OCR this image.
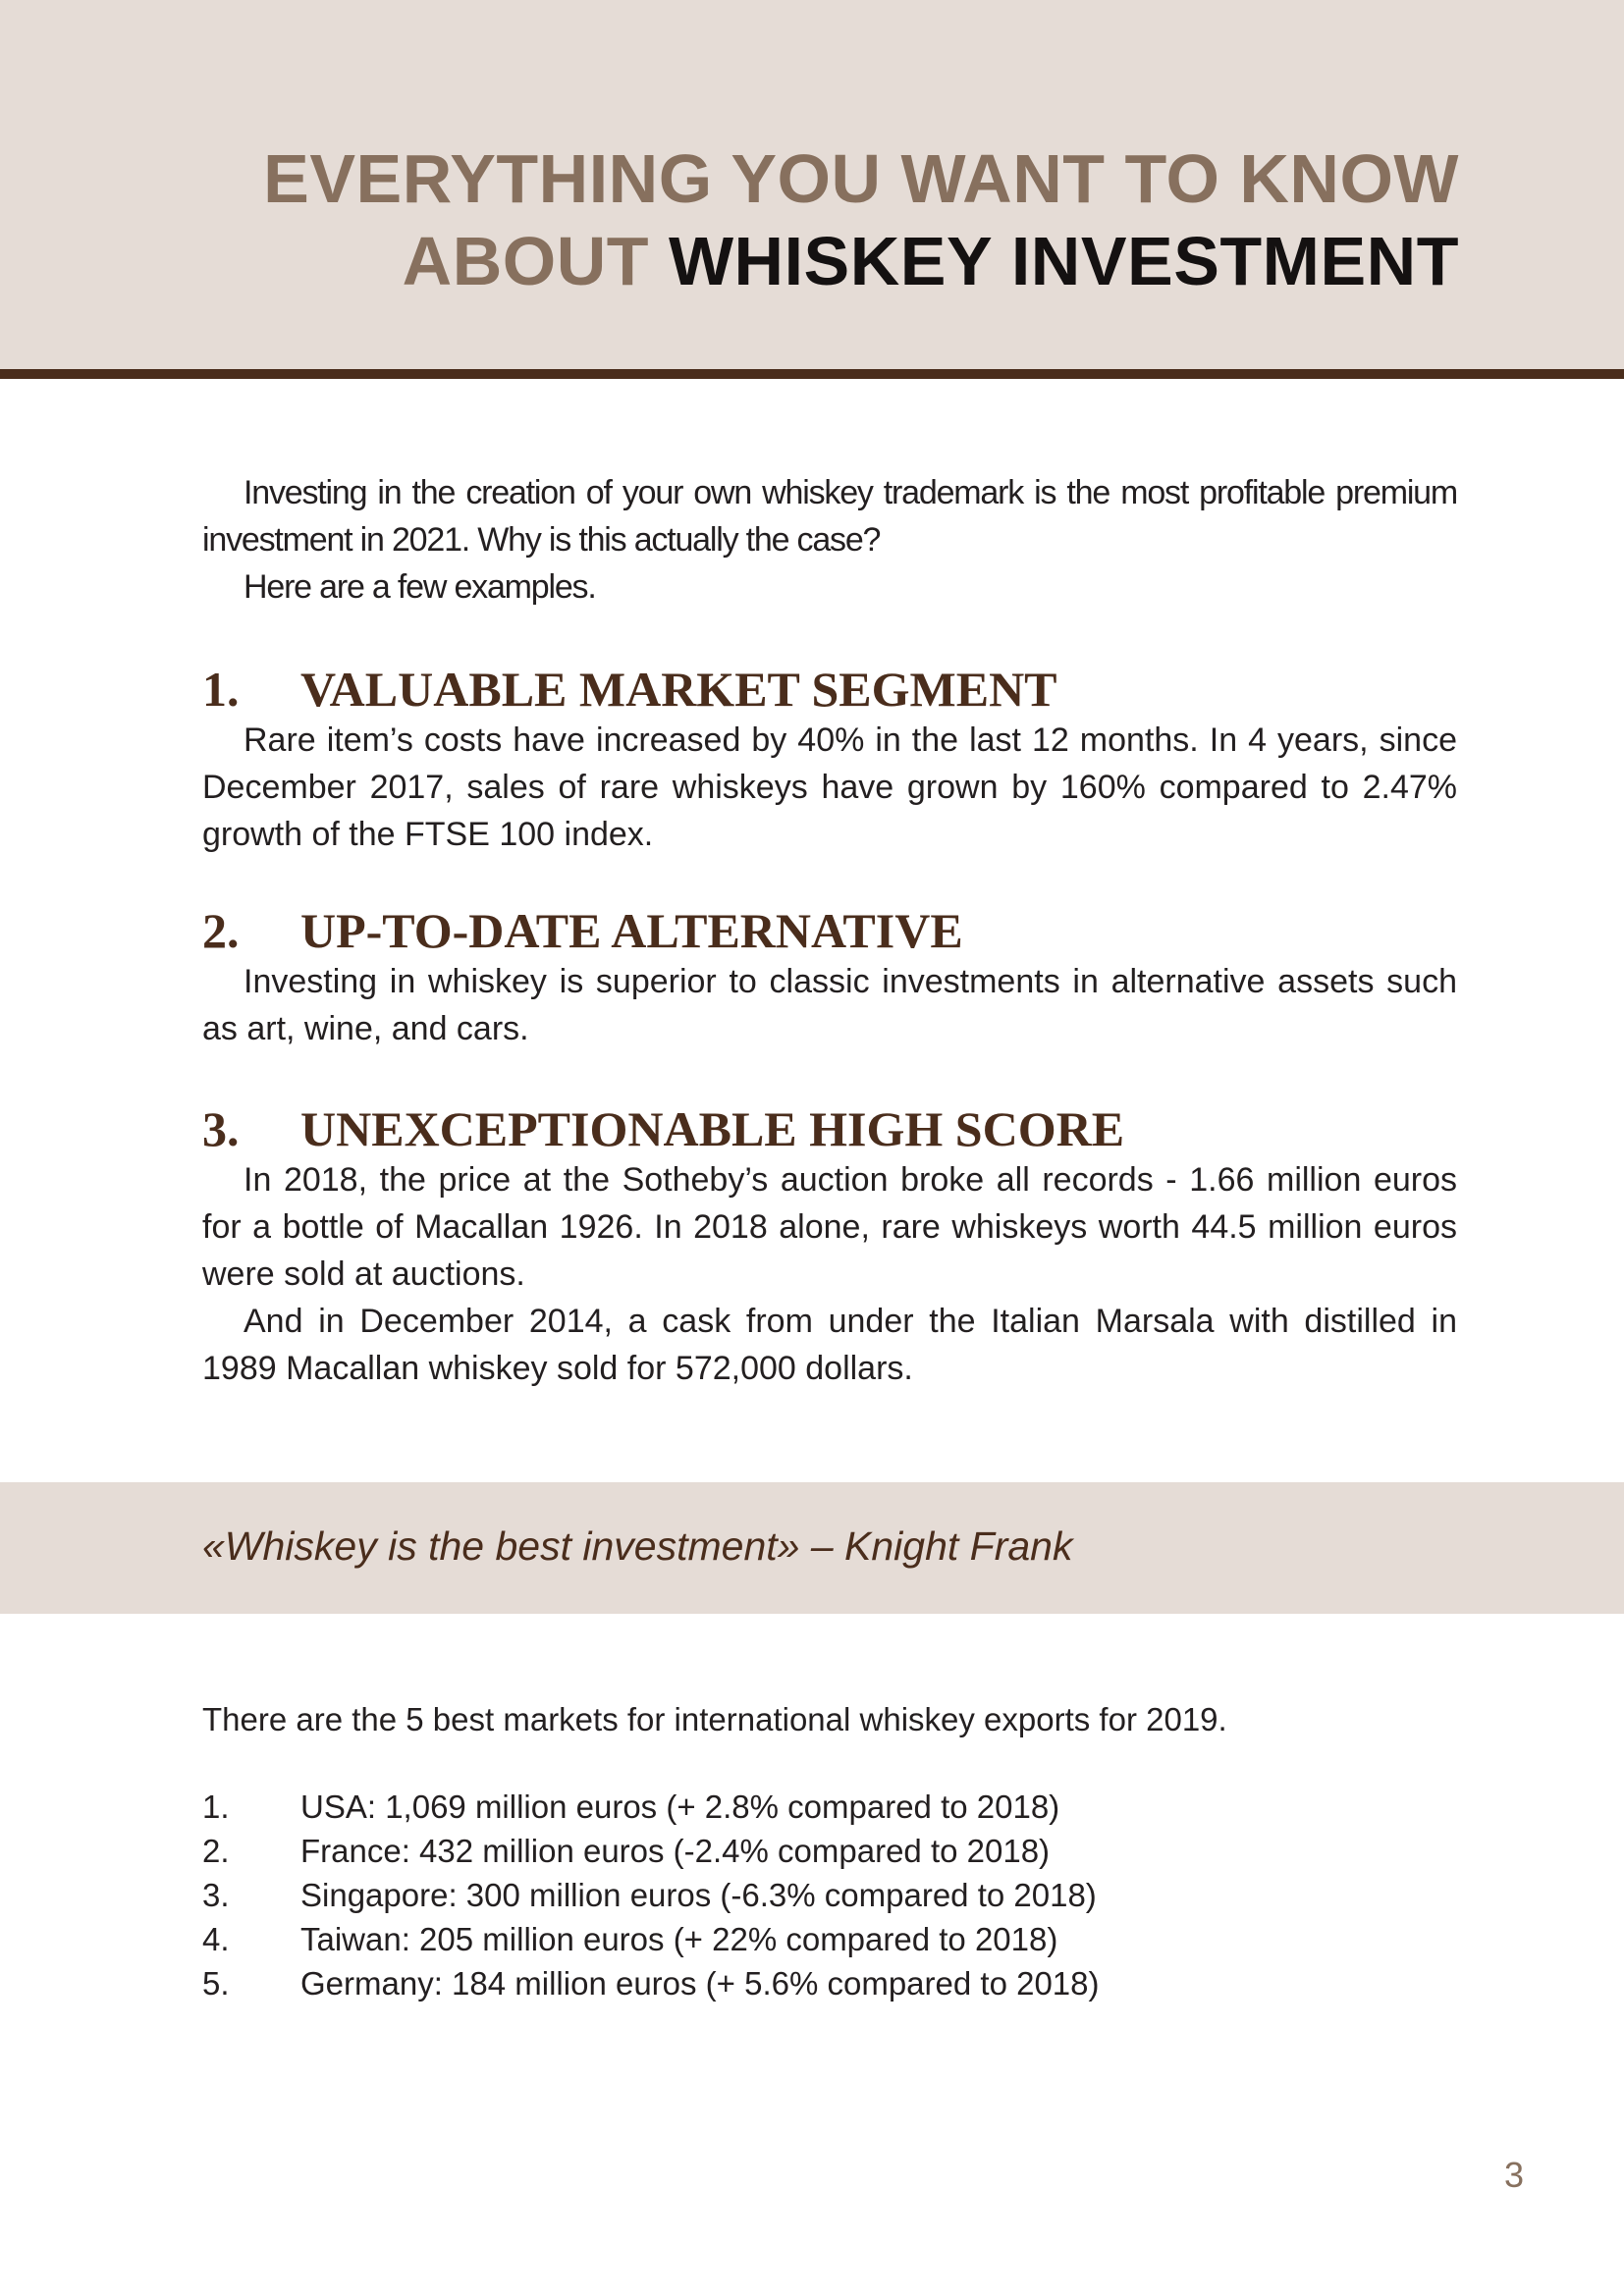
EVERYTHING YOU WANT TO KNOW
ABOUT WHISKEY INVESTMENT

Investing in the creation of your own whiskey trademark is the most profitable premium investment in 2021. Why is this actually the case?

Here are a few examples.

1.	VALUABLE MARKET SEGMENT

Rare item’s costs have increased by 40% in the last 12 months. In 4 years, since December 2017, sales of rare whiskeys have grown by 160% compared to 2.47% growth of the FTSE 100 index.

2.	UP-TO-DATE ALTERNATIVE

Investing in whiskey is superior to classic investments in alternative assets such as art, wine, and cars.

3.	UNEXCEPTIONABLE HIGH SCORE

In 2018, the price at the Sotheby’s auction broke all records - 1.66 million euros for a bottle of Macallan 1926. In 2018 alone, rare whiskeys worth 44.5 million euros were sold at auctions.

And in December 2014, a cask from under the Italian Marsala with distilled in 1989 Macallan whiskey sold for 572,000 dollars.

«Whiskey is the best investment» – Knight Frank

There are the 5 best markets for international whiskey exports for 2019.

1.	USA: 1,069 million euros (+ 2.8% compared to 2018)
2.	France: 432 million euros (-2.4% compared to 2018)
3.	Singapore: 300 million euros (-6.3% compared to 2018)
4.	Taiwan: 205 million euros (+ 22% compared to 2018)
5.	Germany: 184 million euros (+ 5.6% compared to 2018)
3
